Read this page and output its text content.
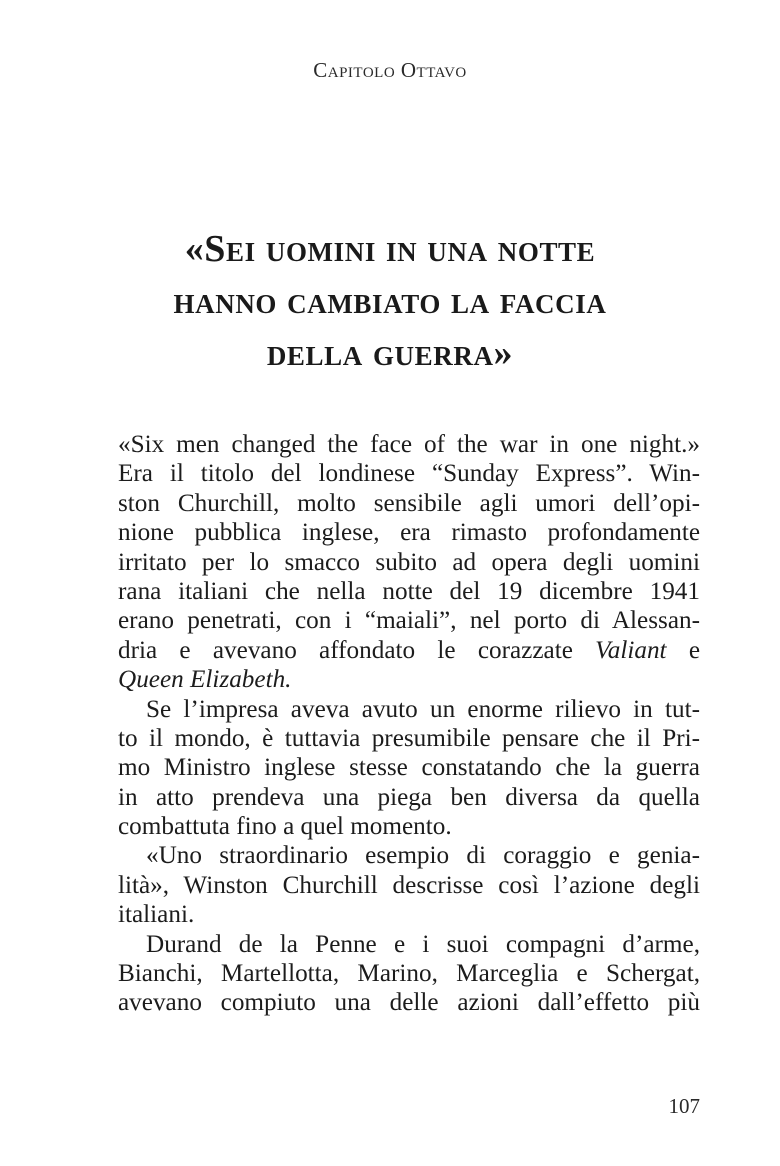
Capitolo Ottavo
«Sei uomini in una notte
hanno cambiato la faccia
della guerra»
«Six men changed the face of the war in one night.»
Era il titolo del londinese “Sunday Express”. Win-
ston Churchill, molto sensibile agli umori dell’opi-
nione pubblica inglese, era rimasto profondamente
irritato per lo smacco subito ad opera degli uomini
rana italiani che nella notte del 19 dicembre 1941
erano penetrati, con i “maiali”, nel porto di Alessan-
dria e avevano affondato le corazzate Valiant e
Queen Elizabeth.
Se l’impresa aveva avuto un enorme rilievo in tut-
to il mondo, è tuttavia presumibile pensare che il Pri-
mo Ministro inglese stesse constatando che la guerra
in atto prendeva una piega ben diversa da quella
combattuta fino a quel momento.
«Uno straordinario esempio di coraggio e genia-
lità», Winston Churchill descrisse così l’azione degli
italiani.
Durand de la Penne e i suoi compagni d’arme,
Bianchi, Martellotta, Marino, Marceglia e Schergat,
avevano compiuto una delle azioni dall’effetto più
107
